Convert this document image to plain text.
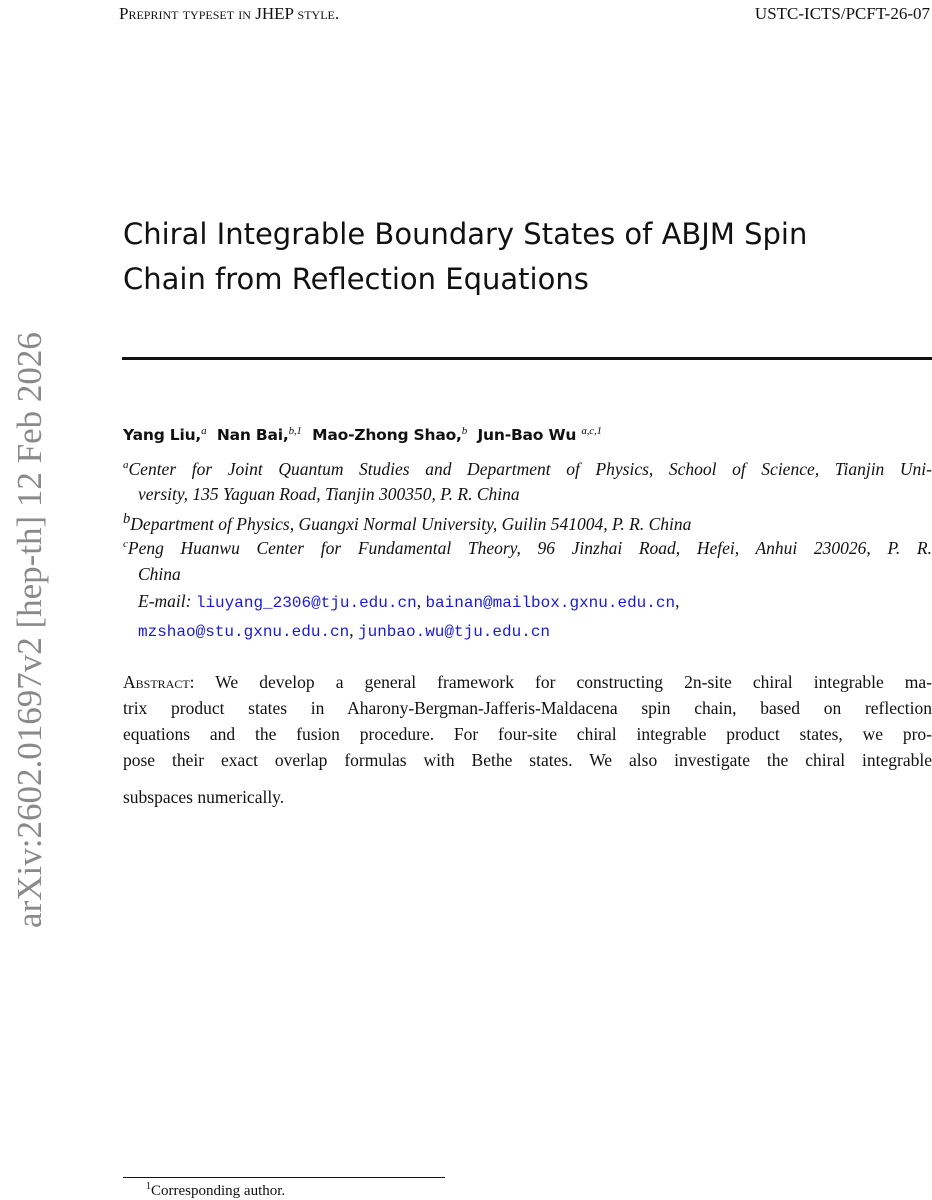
Preprint typeset in JHEP style.	USTC-ICTS/PCFT-26-07
arXiv:2602.01697v2 [hep-th] 12 Feb 2026
Chiral Integrable Boundary States of ABJM Spin
Chain from Reflection Equations
Yang Liu,$^a$ Nan Bai,$^{b,1}$ Mao-Zhong Shao,$^b$ Jun-Bao Wu $^{a,c,1}$
$^a$Center for Joint Quantum Studies and Department of Physics, School of Science, Tianjin Uni-
versity, 135 Yaguan Road, Tianjin 300350, P. R. China
$^b$Department of Physics, Guangxi Normal University, Guilin 541004, P. R. China
$^c$Peng Huanwu Center for Fundamental Theory, 96 Jinzhai Road, Hefei, Anhui 230026, P. R.
China
E-mail: liuyang_2306@tju.edu.cn, bainan@mailbox.gxnu.edu.cn,
mzshao@stu.gxnu.edu.cn, junbao.wu@tju.edu.cn
Abstract: We develop a general framework for constructing 2n-site chiral integrable ma-
trix product states in Aharony-Bergman-Jafferis-Maldacena spin chain, based on reflection
equations and the fusion procedure. For four-site chiral integrable product states, we pro-
pose their exact overlap formulas with Bethe states. We also investigate the chiral integrable
subspaces numerically.
$^1$Corresponding author.
